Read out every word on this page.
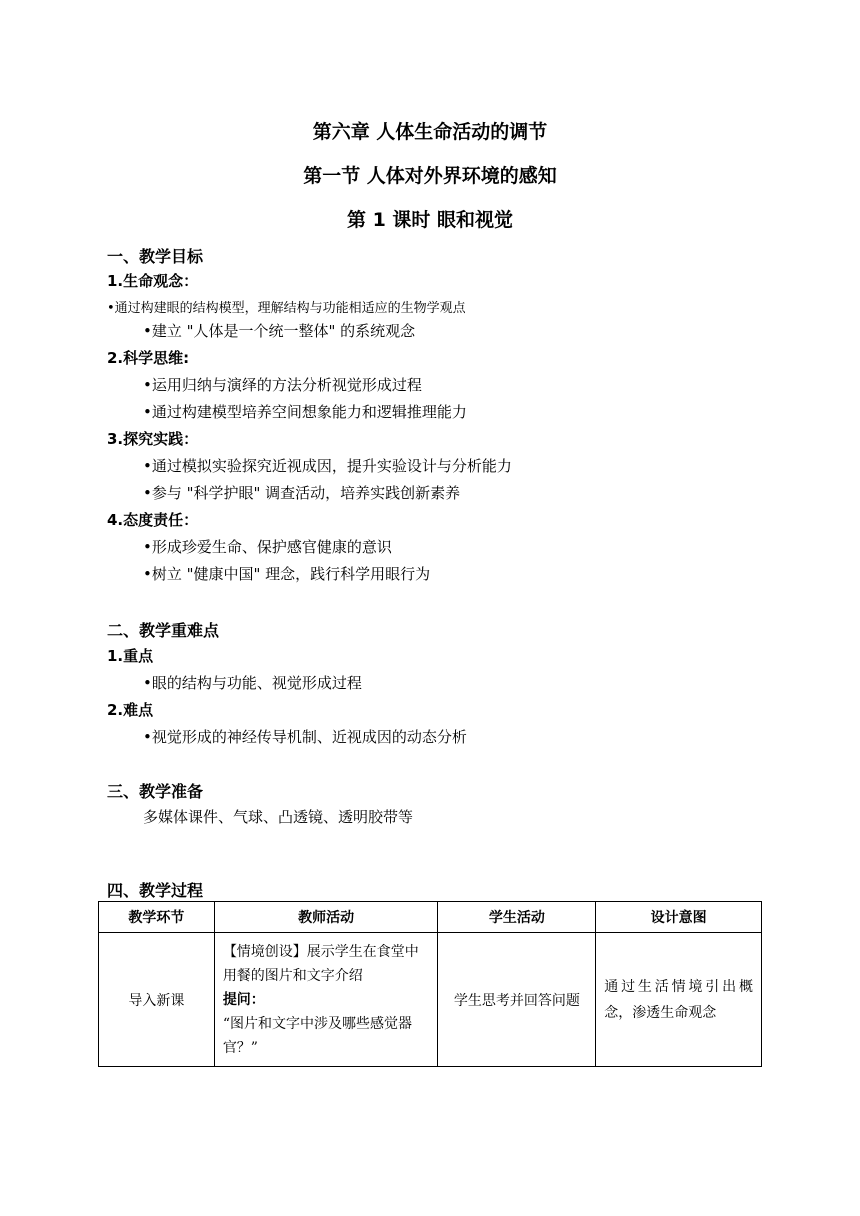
第六章 人体生命活动的调节
第一节 人体对外界环境的感知
第 1 课时 眼和视觉
一、教学目标
1.生命观念：
•通过构建眼的结构模型，理解结构与功能相适应的生物学观点
•建立 "人体是一个统一整体" 的系统观念
2.科学思维:
•运用归纳与演绎的方法分析视觉形成过程
•通过构建模型培养空间想象能力和逻辑推理能力
3.探究实践：
•通过模拟实验探究近视成因，提升实验设计与分析能力
•参与 "科学护眼" 调查活动，培养实践创新素养
4.态度责任：
•形成珍爱生命、保护感官健康的意识
•树立 "健康中国" 理念，践行科学用眼行为
二、教学重难点
1.重点
•眼的结构与功能、视觉形成过程
2.难点
•视觉形成的神经传导机制、近视成因的动态分析
三、教学准备
多媒体课件、气球、凸透镜、透明胶带等
四、教学过程
教学环节	教师活动	学生活动	设计意图
导入新课	【情境创设】展示学生在食堂中用餐的图片和文字介绍
提问：
“图片和文字中涉及哪些感觉器官？”	学生思考并回答问题	通过生活情境引出概念，渗透生命观念
